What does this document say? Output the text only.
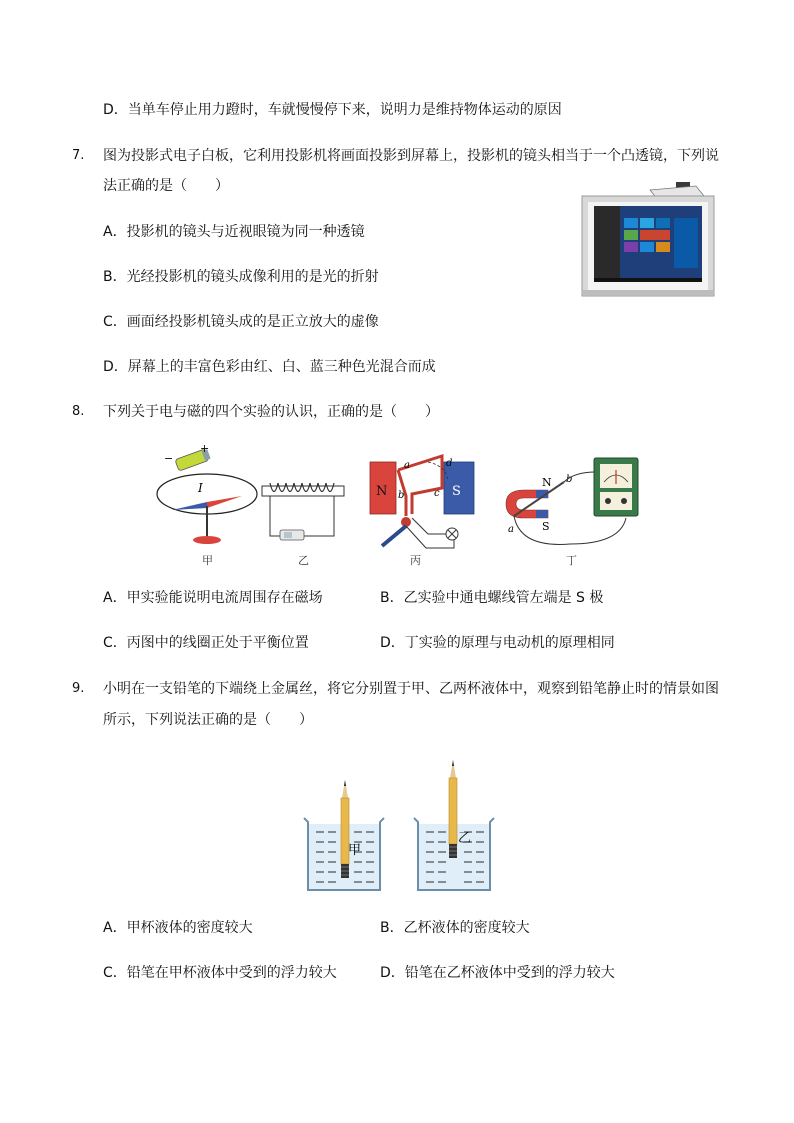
D．当单车停止用力蹬时，车就慢慢停下来，说明力是维持物体运动的原因
7. 图为投影式电子白板，它利用投影机将画面投影到屏幕上，投影机的镜头相当于一个凸透镜，下列说
法正确的是（　　）
A．投影机的镜头与近视眼镜为同一种透镜
B．光经投影机的镜头成像利用的是光的折射
C．画面经投影机镜头成的是正立放大的虚像
D．屏幕上的丰富色彩由红、白、蓝三种色光混合而成
8. 下列关于电与磁的四个实验的认识，正确的是（　　）
−
+
I
甲	乙
N	S
a
b	c
d
丙
N
S
a
b
丁
A．甲实验能说明电流周围存在磁场	B．乙实验中通电螺线管左端是 S 极
C．丙图中的线圈正处于平衡位置	D．丁实验的原理与电动机的原理相同
9. 小明在一支铅笔的下端绕上金属丝，将它分别置于甲、乙两杯液体中，观察到铅笔静止时的情景如图
所示，下列说法正确的是（　　）
甲
乙
A．甲杯液体的密度较大	B．乙杯液体的密度较大
C．铅笔在甲杯液体中受到的浮力较大	D．铅笔在乙杯液体中受到的浮力较大
